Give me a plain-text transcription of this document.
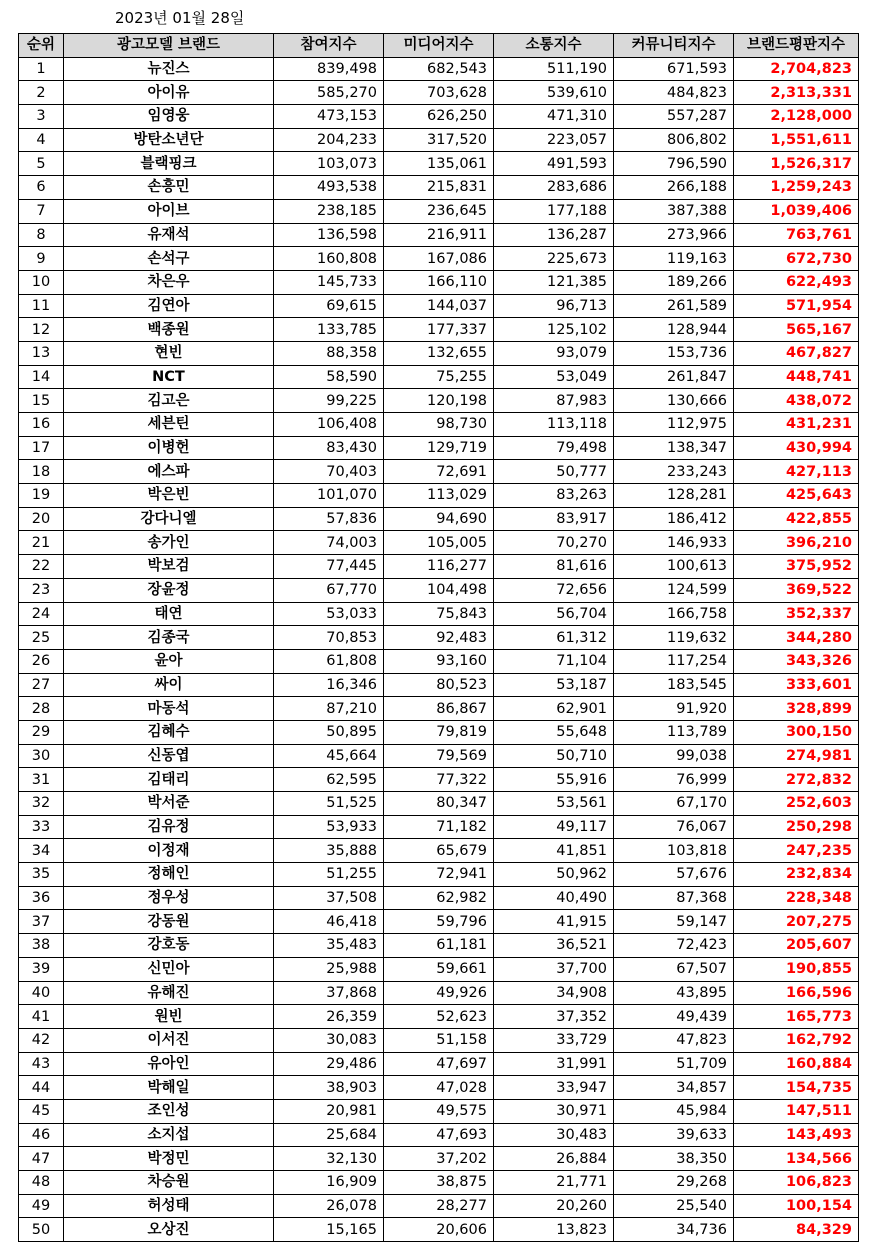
2023년 01월 28일
순위	광고모델 브랜드	참여지수	미디어지수	소통지수	커뮤니티지수	브랜드평판지수
1	뉴진스	839,498	682,543	511,190	671,593	2,704,823
2	아이유	585,270	703,628	539,610	484,823	2,313,331
3	임영웅	473,153	626,250	471,310	557,287	2,128,000
4	방탄소년단	204,233	317,520	223,057	806,802	1,551,611
5	블랙핑크	103,073	135,061	491,593	796,590	1,526,317
6	손흥민	493,538	215,831	283,686	266,188	1,259,243
7	아이브	238,185	236,645	177,188	387,388	1,039,406
8	유재석	136,598	216,911	136,287	273,966	763,761
9	손석구	160,808	167,086	225,673	119,163	672,730
10	차은우	145,733	166,110	121,385	189,266	622,493
11	김연아	69,615	144,037	96,713	261,589	571,954
12	백종원	133,785	177,337	125,102	128,944	565,167
13	현빈	88,358	132,655	93,079	153,736	467,827
14	NCT	58,590	75,255	53,049	261,847	448,741
15	김고은	99,225	120,198	87,983	130,666	438,072
16	세븐틴	106,408	98,730	113,118	112,975	431,231
17	이병헌	83,430	129,719	79,498	138,347	430,994
18	에스파	70,403	72,691	50,777	233,243	427,113
19	박은빈	101,070	113,029	83,263	128,281	425,643
20	강다니엘	57,836	94,690	83,917	186,412	422,855
21	송가인	74,003	105,005	70,270	146,933	396,210
22	박보검	77,445	116,277	81,616	100,613	375,952
23	장윤정	67,770	104,498	72,656	124,599	369,522
24	태연	53,033	75,843	56,704	166,758	352,337
25	김종국	70,853	92,483	61,312	119,632	344,280
26	윤아	61,808	93,160	71,104	117,254	343,326
27	싸이	16,346	80,523	53,187	183,545	333,601
28	마동석	87,210	86,867	62,901	91,920	328,899
29	김혜수	50,895	79,819	55,648	113,789	300,150
30	신동엽	45,664	79,569	50,710	99,038	274,981
31	김태리	62,595	77,322	55,916	76,999	272,832
32	박서준	51,525	80,347	53,561	67,170	252,603
33	김유정	53,933	71,182	49,117	76,067	250,298
34	이정재	35,888	65,679	41,851	103,818	247,235
35	정해인	51,255	72,941	50,962	57,676	232,834
36	정우성	37,508	62,982	40,490	87,368	228,348
37	강동원	46,418	59,796	41,915	59,147	207,275
38	강호동	35,483	61,181	36,521	72,423	205,607
39	신민아	25,988	59,661	37,700	67,507	190,855
40	유해진	37,868	49,926	34,908	43,895	166,596
41	원빈	26,359	52,623	37,352	49,439	165,773
42	이서진	30,083	51,158	33,729	47,823	162,792
43	유아인	29,486	47,697	31,991	51,709	160,884
44	박해일	38,903	47,028	33,947	34,857	154,735
45	조인성	20,981	49,575	30,971	45,984	147,511
46	소지섭	25,684	47,693	30,483	39,633	143,493
47	박정민	32,130	37,202	26,884	38,350	134,566
48	차승원	16,909	38,875	21,771	29,268	106,823
49	허성태	26,078	28,277	20,260	25,540	100,154
50	오상진	15,165	20,606	13,823	34,736	84,329
